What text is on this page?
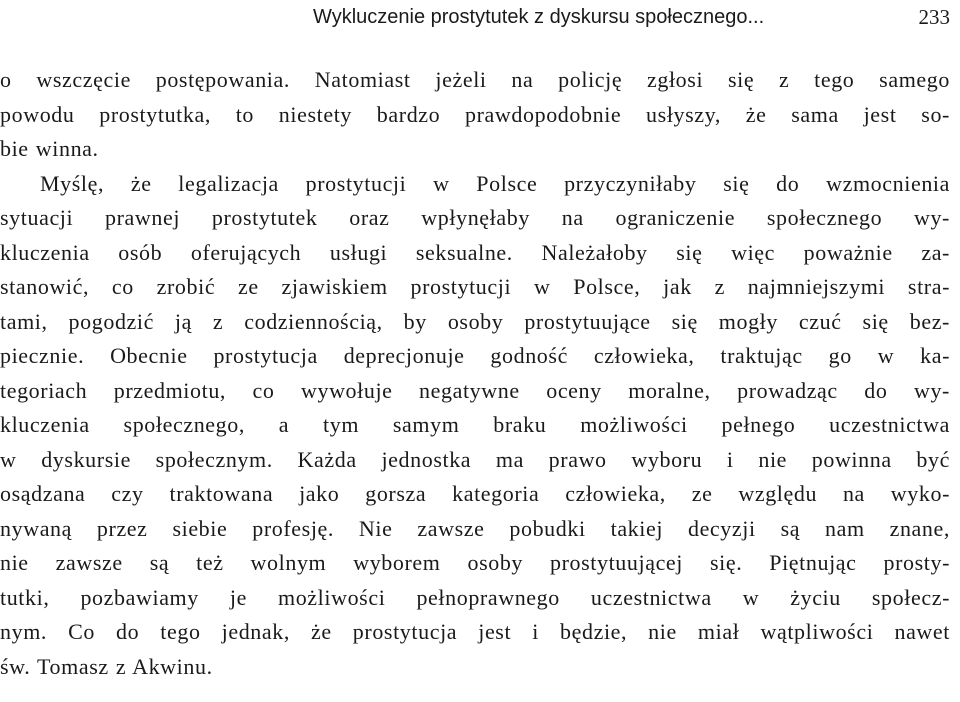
Wykluczenie prostytutek z dyskursu społecznego...	233
o wszczęcie postępowania. Natomiast jeżeli na policję zgłosi się z tego samego
powodu prostytutka, to niestety bardzo prawdopodobnie usłyszy, że sama jest so-
bie winna.
Myślę, że legalizacja prostytucji w Polsce przyczyniłaby się do wzmocnienia
sytuacji prawnej prostytutek oraz wpłynęłaby na ograniczenie społecznego wy-
kluczenia osób oferujących usługi seksualne. Należałoby się więc poważnie za-
stanowić, co zrobić ze zjawiskiem prostytucji w Polsce, jak z najmniejszymi stra-
tami, pogodzić ją z codziennością, by osoby prostytuujące się mogły czuć się bez-
piecznie. Obecnie prostytucja deprecjonuje godność człowieka, traktując go w ka-
tegoriach przedmiotu, co wywołuje negatywne oceny moralne, prowadząc do wy-
kluczenia społecznego, a tym samym braku możliwości pełnego uczestnictwa
w dyskursie społecznym. Każda jednostka ma prawo wyboru i nie powinna być
osądzana czy traktowana jako gorsza kategoria człowieka, ze względu na wyko-
nywaną przez siebie profesję. Nie zawsze pobudki takiej decyzji są nam znane,
nie zawsze są też wolnym wyborem osoby prostytuującej się. Piętnując prosty-
tutki, pozbawiamy je możliwości pełnoprawnego uczestnictwa w życiu społecz-
nym. Co do tego jednak, że prostytucja jest i będzie, nie miał wątpliwości nawet
św. Tomasz z Akwinu.
